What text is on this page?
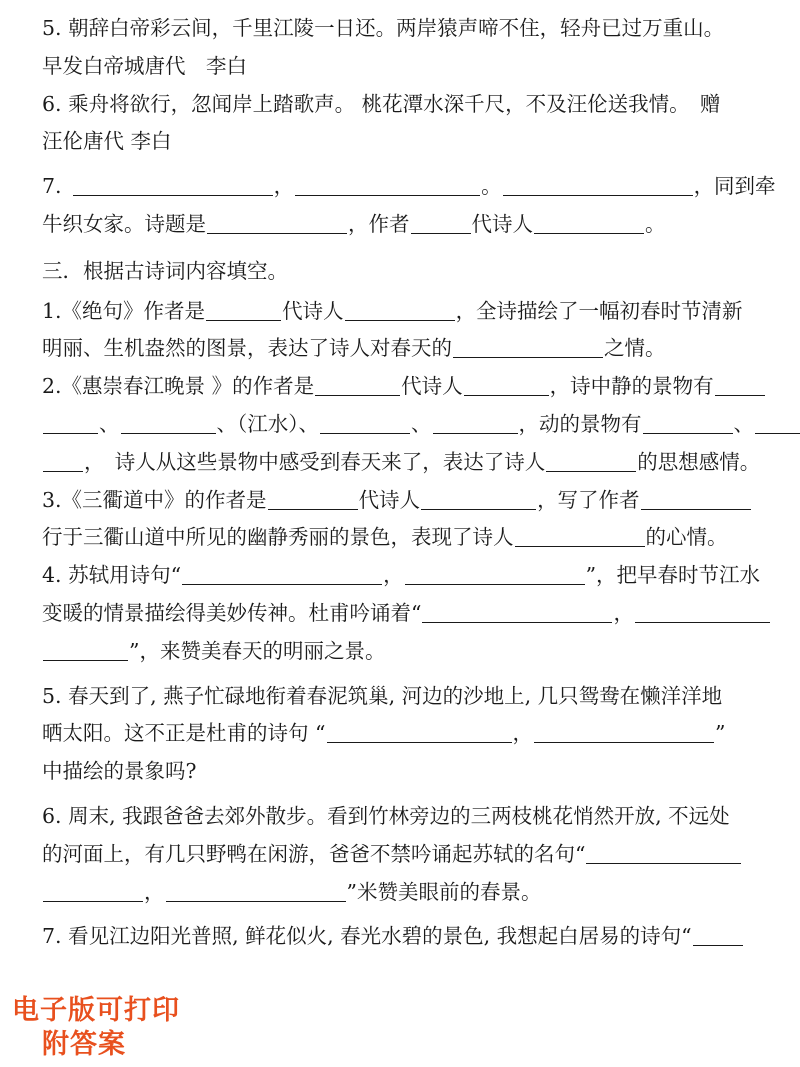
5. 朝辞白帝彩云间，千里江陵一日还。两岸猿声啼不住，轻舟已过万重山。
早发白帝城唐代　李白
6. 乘舟将欲行，忽闻岸上踏歌声。 桃花潭水深千尺，不及汪伦送我情。　赠
汪伦唐代 李白
7.	，	。	，同到牵
牛织女家。诗题是	，作者	代诗人	。
三．根据古诗词内容填空。
1.《绝句》作者是	代诗人	，全诗描绘了一幅初春时节清新
明丽、生机盎然的图景，表达了诗人对春天的	之情。
2.《惠崇春江晚景 》的作者是	代诗人	，诗中静的景物有
、	、（江水）、	、	，动的景物有	、
，　诗人从这些景物中感受到春天来了，表达了诗人	的思想感情。
3.《三衢道中》的作者是	代诗人	，写了作者
行于三衢山道中所见的幽静秀丽的景色，表现了诗人	的心情。
4. 苏轼用诗句“	，	”，把早春时节江水
变暖的情景描绘得美妙传神。杜甫吟诵着“	，
”，来赞美春天的明丽之景。
5. 春天到了, 燕子忙碌地衔着春泥筑巢, 河边的沙地上, 几只鸳鸯在懒洋洋地
晒太阳。这不正是杜甫的诗句 “	，	”
中描绘的景象吗?
6. 周末, 我跟爸爸去郊外散步。看到竹林旁边的三两枝桃花悄然开放, 不远处
的河面上，有几只野鸭在闲游，爸爸不禁吟诵起苏轼的名句“
，	”米赞美眼前的春景。
7. 看见江边阳光普照, 鲜花似火, 春光水碧的景色, 我想起白居易的诗句“
电子版可打印
附答案
